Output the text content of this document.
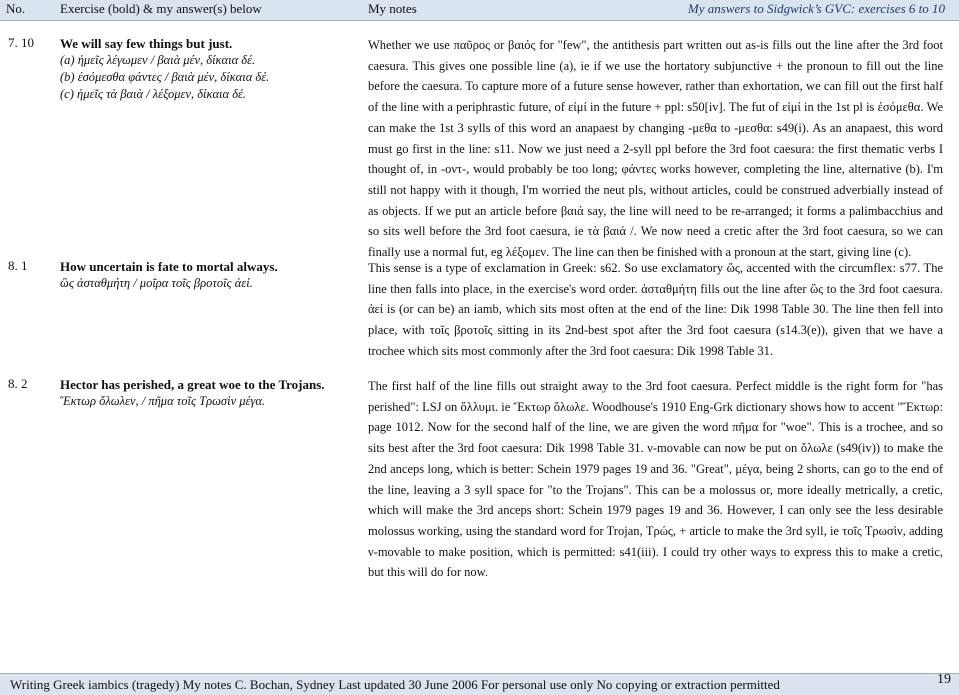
No.	Exercise (bold) & my answer(s) below	My notes	My answers to Sidgwick’s GVC: exercises 6 to 10
7. 10 We will say few things but just.
(a) ἡμεῖς λέγωμεν / βαιὰ μέν, δίκαια δέ.
(b) ἐσόμεσθα φάντες / βαιὰ μέν, δίκαια δέ.
(c) ἡμεῖς τὰ βαιὰ / λέξομεν, δίκαια δέ.

Whether we use παῦρος or βαιός for "few", the antithesis part written out as-is fills out the line after the 3rd foot caesura. This gives one possible line (a), ie if we use the hortatory subjunctive + the pronoun to fill out the line before the caesura. To capture more of a future sense however, rather than exhortation, we can fill out the first half of the line with a periphrastic future, of εἰμί in the future + ppl: s50[iv]. The fut of εἰμί in the 1st pl is ἐσόμεθα. We can make the 1st 3 sylls of this word an anapaest by changing -μεθα to -μεσθα: s49(i). As an anapaest, this word must go first in the line: s11. Now we just need a 2-syll ppl before the 3rd foot caesura: the first thematic verbs I thought of, in -οντ-, would probably be too long; φάντες works however, completing the line, alternative (b). I'm still not happy with it though, I'm worried the neut pls, without articles, could be construed adverbially instead of as objects. If we put an article before βαιά say, the line will need to be re-arranged; it forms a palimbacchius and so sits well before the 3rd foot caesura, ie τὰ βαιά /. We now need a cretic after the 3rd foot caesura, so we can finally use a normal fut, eg λέξομεν. The line can then be finished with a pronoun at the start, giving line (c).

8. 1	How uncertain is fate to mortal always.
ὣς ἀσταθμήτη / μοῖρα τοῖς βροτοῖς ἀεί.

This sense is a type of exclamation in Greek: s62. So use exclamatory ὥς, accented with the circumflex: s77. The line then falls into place, in the exercise's word order. ἀσταθμήτη fills out the line after ὣς to the 3rd foot caesura. ἀεί is (or can be) an iamb, which sits most often at the end of the line: Dik 1998 Table 30. The line then fell into place, with τοῖς βροτοῖς sitting in its 2nd-best spot after the 3rd foot caesura (s14.3(e)), given that we have a trochee which sits most commonly after the 3rd foot caesura: Dik 1998 Table 31.

8. 2	Hector has perished, a great woe to the Trojans.
Ἕκτωρ ὄλωλεν, / πῆμα τοῖς Τρωσὶν μέγα.

The first half of the line fills out straight away to the 3rd foot caesura. Perfect middle is the right form for "has perished": LSJ on ὄλλυμι. ie Ἕκτωρ ὄλωλε. Woodhouse's 1910 Eng-Grk dictionary shows how to accent "Ἕκτωρ: page 1012. Now for the second half of the line, we are given the word πῆμα for "woe". This is a trochee, and so sits best after the 3rd foot caesura: Dik 1998 Table 31. ν-movable can now be put on ὄλωλε (s49(iv)) to make the 2nd anceps long, which is better: Schein 1979 pages 19 and 36. "Great", μέγα, being 2 shorts, can go to the end of the line, leaving a 3 syll space for "to the Trojans". This can be a molossus or, more ideally metrically, a cretic, which will make the 3rd anceps short: Schein 1979 pages 19 and 36. However, I can only see the less desirable molossus working, using the standard word for Trojan, Τρώς, + article to make the 3rd syll, ie τοῖς Τρωσὶν, adding ν-movable to make position, which is permitted: s41(iii). I could try other ways to express this to make a cretic, but this will do for now.

Writing Greek iambics (tragedy) My notes C. Bochan, Sydney Last updated 30 June 2006 For personal use only No copying or extraction permitted	19
